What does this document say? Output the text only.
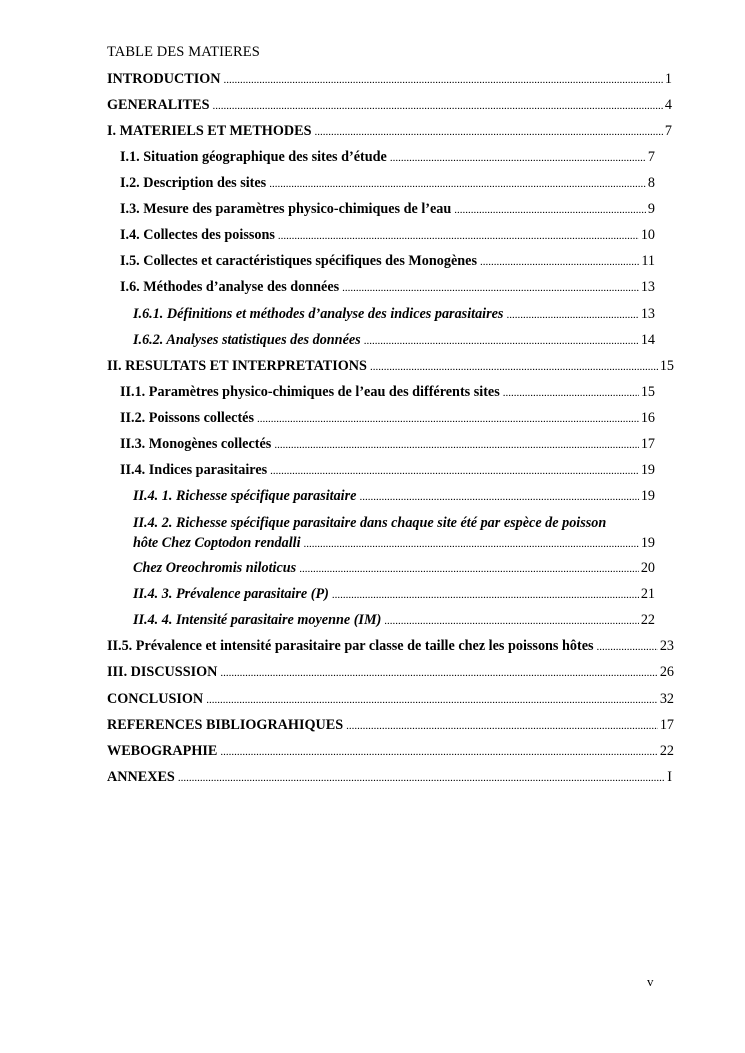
TABLE DES MATIERES
INTRODUCTION .....	1
GENERALITES .....	4
I. MATERIELS ET METHODES .....	7
I.1. Situation géographique des sites d’étude .....	7
I.2. Description des sites .....	8
I.3. Mesure des paramètres physico-chimiques de l’eau .....	9
I.4. Collectes des poissons .....	10
I.5. Collectes et caractéristiques spécifiques des Monogènes .....	11
I.6. Méthodes d’analyse des données .....	13
I.6.1. Définitions et méthodes d’analyse des indices parasitaires .....	13
I.6.2. Analyses statistiques des données .....	14
II. RESULTATS ET INTERPRETATIONS .....	15
II.1. Paramètres physico-chimiques de l’eau des différents sites .....	15
II.2. Poissons collectés .....	16
II.3. Monogènes collectés .....	17
II.4. Indices parasitaires .....	19
II.4. 1. Richesse spécifique parasitaire .....	19
II.4. 2. Richesse spécifique parasitaire dans chaque site été par espèce de poisson
hôte Chez Coptodon rendalli .....	19
Chez Oreochromis niloticus .....	20
II.4. 3. Prévalence parasitaire (P) .....	21
II.4. 4. Intensité parasitaire moyenne (IM) .....	22
II.5. Prévalence et intensité parasitaire par classe de taille chez les poissons hôtes .....	23
III. DISCUSSION .....	26
CONCLUSION .....	32
REFERENCES BIBLIOGRAHIQUES .....	17
WEBOGRAPHIE .....	22
ANNEXES .....	I
v
